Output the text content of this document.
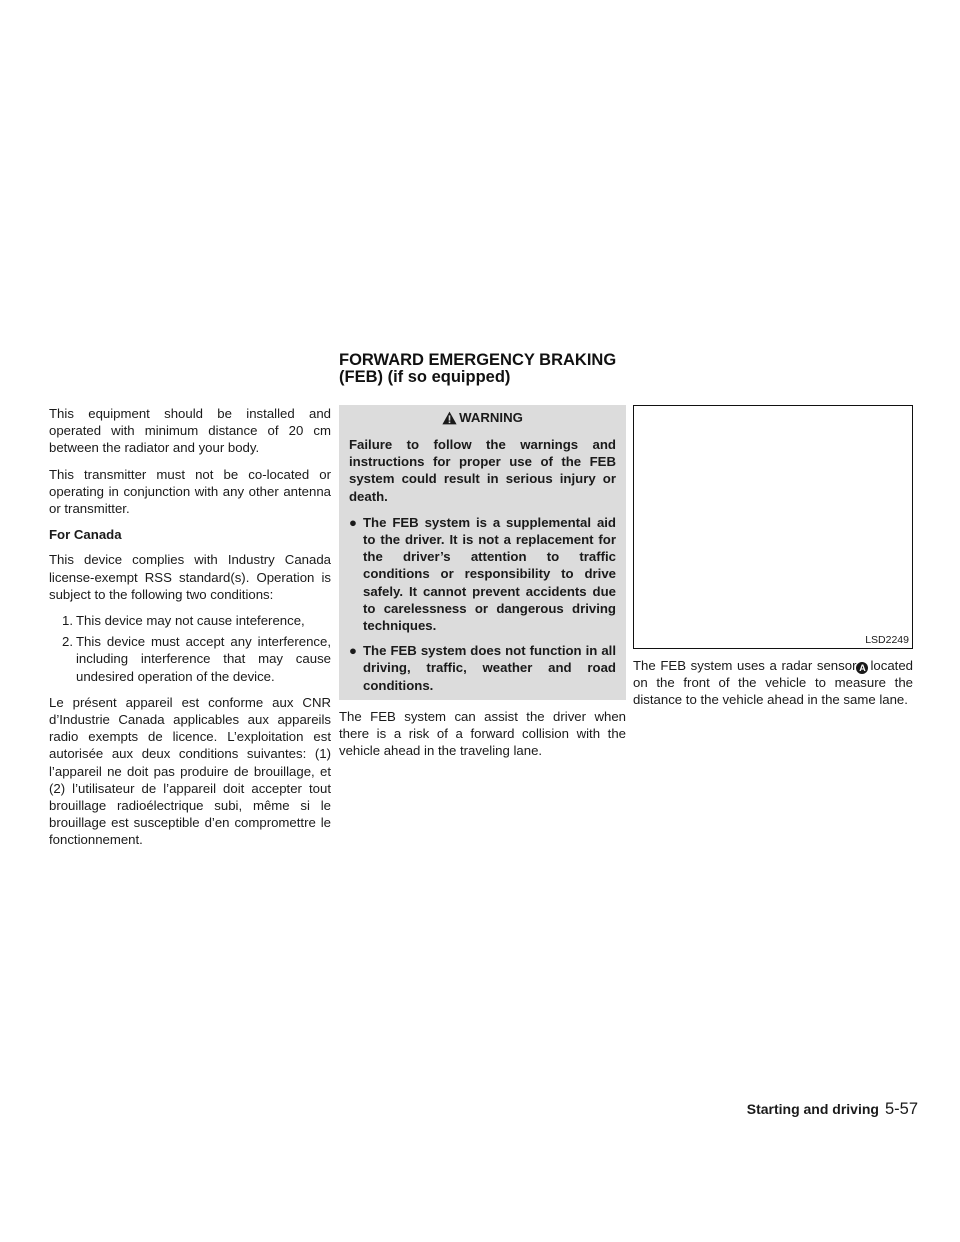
This equipment should be installed and operated with minimum distance of 20 cm between the radiator and your body.

This transmitter must not be co-located or operating in conjunction with any other antenna or transmitter.

For Canada

This device complies with Industry Canada license-exempt RSS standard(s). Operation is subject to the following two conditions:

1. This device may not cause inteference,
2. This device must accept any interference, including interference that may cause undesired operation of the device.

Le présent appareil est conforme aux CNR d’Industrie Canada applicables aux appareils radio exempts de licence. L’exploitation est autorisée aux deux conditions suivantes: (1) l’appareil ne doit pas produire de brouillage, et (2) l’utilisateur de l’appareil doit accepter tout brouillage radioélectrique subi, même si le brouillage est susceptible d’en compromettre le fonctionnement.

FORWARD EMERGENCY BRAKING
(FEB) (if so equipped)
WARNING

Failure to follow the warnings and instructions for proper use of the FEB system could result in serious injury or death.

● The FEB system is a supplemental aid to the driver. It is not a replacement for the driver’s attention to traffic conditions or responsibility to drive safely. It cannot prevent accidents due to carelessness or dangerous driving techniques.
● The FEB system does not function in all driving, traffic, weather and road conditions.

The FEB system can assist the driver when there is a risk of a forward collision with the vehicle ahead in the traveling lane.

LSD2249

The FEB system uses a radar sensor A located on the front of the vehicle to measure the distance to the vehicle ahead in the same lane.

Starting and driving 5-57
